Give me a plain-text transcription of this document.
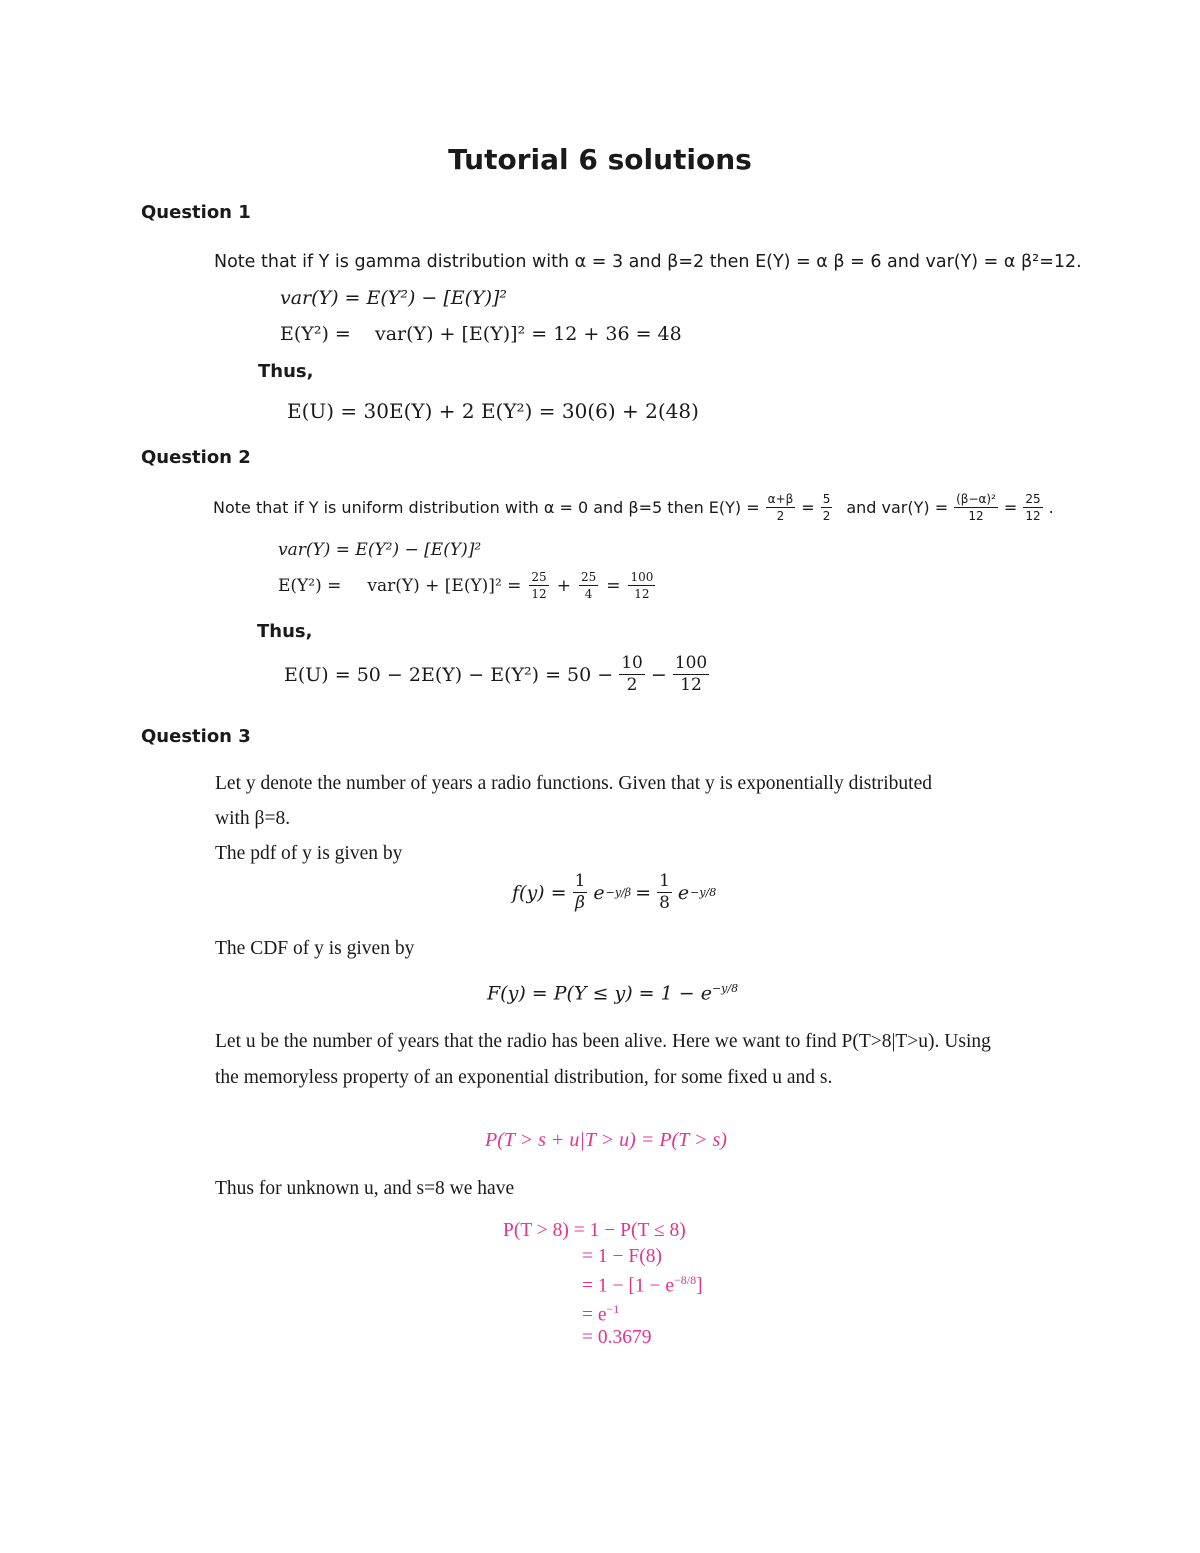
Tutorial 6 solutions
Question 1
Note that if Y is gamma distribution with α = 3 and β=2 then E(Y) = α β = 6 and var(Y) = α β²=12.
var(Y) = E(Y²) − [E(Y)]²
E(Y²) = var(Y) + [E(Y)]² = 12 + 36 = 48
Thus,
E(U) = 30E(Y) + 2 E(Y²) = 30(6) + 2(48)
Question 2
Note that if Y is uniform distribution with α = 0 and β=5 then $E(Y) = \frac{\alpha+\beta}{2} = \frac{5}{2}$ and $var(Y) = \frac{\text{(β−α)²}}{12} = \frac{25}{12}$ .
var(Y) = E(Y²) − [E(Y)]²
$E(Y^2) = var(Y) + [E(Y)]^2 = \frac{25}{12} + \frac{25}{4} = \frac{100}{12}$
Thus,
$E(U) = 50 - 2E(Y) - E(Y^2) = 50 - \frac{10}{2} - \frac{100}{12}$
Question 3
Let y denote the number of years a radio functions. Given that y is exponentially distributed
with β=8.
The pdf of y is given by
$f(y) = \frac{1}{\beta}$ $e -y/\beta = \frac{1}{8}$ e −y/8
The CDF of y is given by
$F(y) = P(Y \le y) = 1 - e^{-y/8}$
Let u be the number of years that the radio has been alive. Here we want to find P(T>8|T>u). Using
the memoryless property of an exponential distribution, for some fixed u and s.
P(T > s + u|T > u) = P(T > s)
Thus for unknown u, and s=8 we have
P(T > 8) = 1 − P(T ≤ 8)
= 1 − F(8)
= $1 - [1 - e^{-8/8}]$
= $e^{-1}$
= 0.3679
